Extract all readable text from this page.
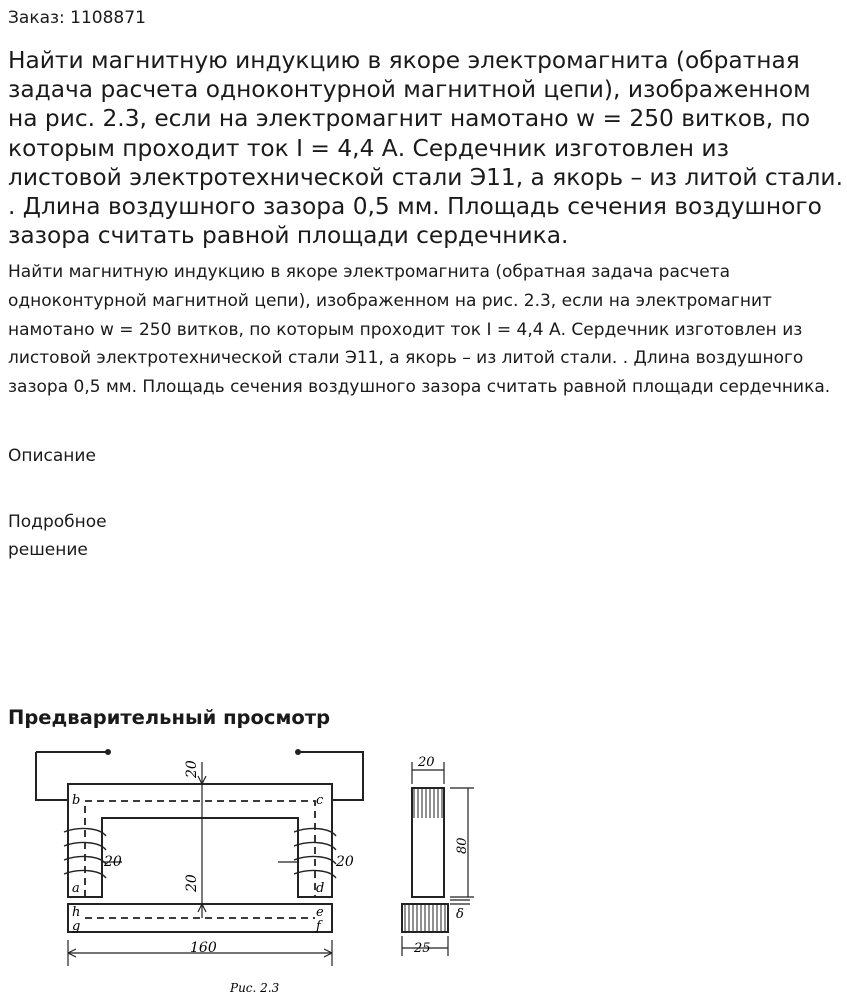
Заказ: 1108871
Найти магнитную индукцию в якоре электромагнита (обратная задача расчета одноконтурной магнитной цепи), изображенном на рис. 2.3, если на электромагнит намотано w = 250 витков, по которым проходит ток I = 4,4 А. Сердечник изготовлен из листовой электротехнической стали Э11, а якорь – из литой стали. . Длина воздушного зазора 0,5 мм. Площадь сечения воздушного зазора считать равной площади сердечника.

Найти магнитную индукцию в якоре электромагнита (обратная задача расчета одноконтурной магнитной цепи), изображенном на рис. 2.3, если на электромагнит намотано w = 250 витков, по которым проходит ток I = 4,4 А. Сердечник изготовлен из листовой электротехнической стали Э11, а якорь – из литой стали. . Длина воздушного зазора 0,5 мм. Площадь сечения воздушного зазора считать равной площади сердечника.

Описание
Подробное решение
Предварительный просмотр
20
20	20
20
160
b	c
a	d
h
g
e
f
20
80
25
δ
Рис. 2.3
